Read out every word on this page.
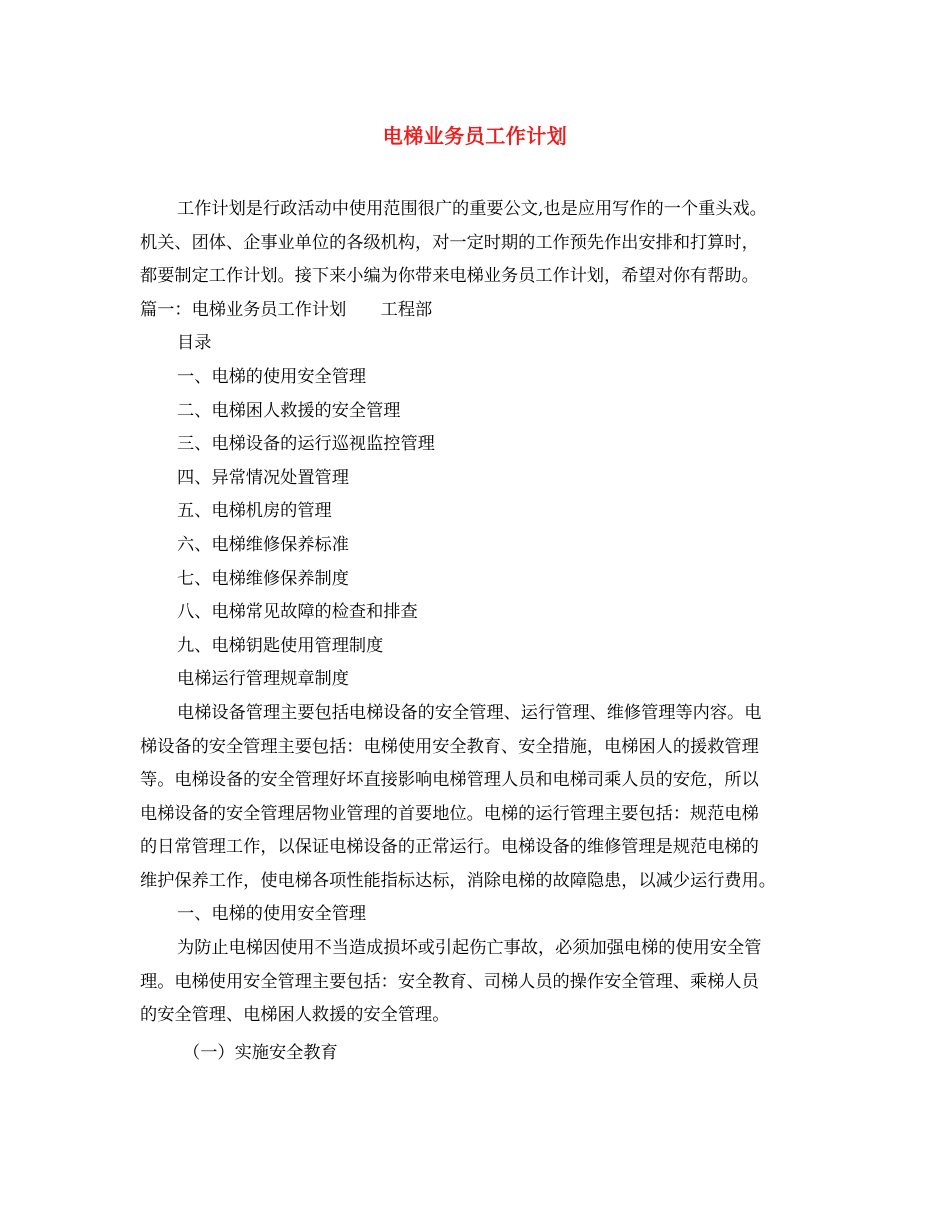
电梯业务员工作计划
工作计划是行政活动中使用范围很广的重要公文,也是应用写作的一个重头戏。
机关、团体、企事业单位的各级机构，对一定时期的工作预先作出安排和打算时，
都要制定工作计划。接下来小编为你带来电梯业务员工作计划，希望对你有帮助。
篇一：电梯业务员工作计划　　工程部
目录
一、电梯的使用安全管理
二、电梯困人救援的安全管理
三、电梯设备的运行巡视监控管理
四、异常情况处置管理
五、电梯机房的管理
六、电梯维修保养标准
七、电梯维修保养制度
八、电梯常见故障的检查和排查
九、电梯钥匙使用管理制度
电梯运行管理规章制度
电梯设备管理主要包括电梯设备的安全管理、运行管理、维修管理等内容。电
梯设备的安全管理主要包括：电梯使用安全教育、安全措施，电梯困人的援救管理
等。电梯设备的安全管理好坏直接影响电梯管理人员和电梯司乘人员的安危，所以
电梯设备的安全管理居物业管理的首要地位。电梯的运行管理主要包括：规范电梯
的日常管理工作，以保证电梯设备的正常运行。电梯设备的维修管理是规范电梯的
维护保养工作，使电梯各项性能指标达标，消除电梯的故障隐患，以减少运行费用。
一、电梯的使用安全管理
为防止电梯因使用不当造成损坏或引起伤亡事故，必须加强电梯的使用安全管
理。电梯使用安全管理主要包括：安全教育、司梯人员的操作安全管理、乘梯人员
的安全管理、电梯困人救援的安全管理。
（一）实施安全教育
